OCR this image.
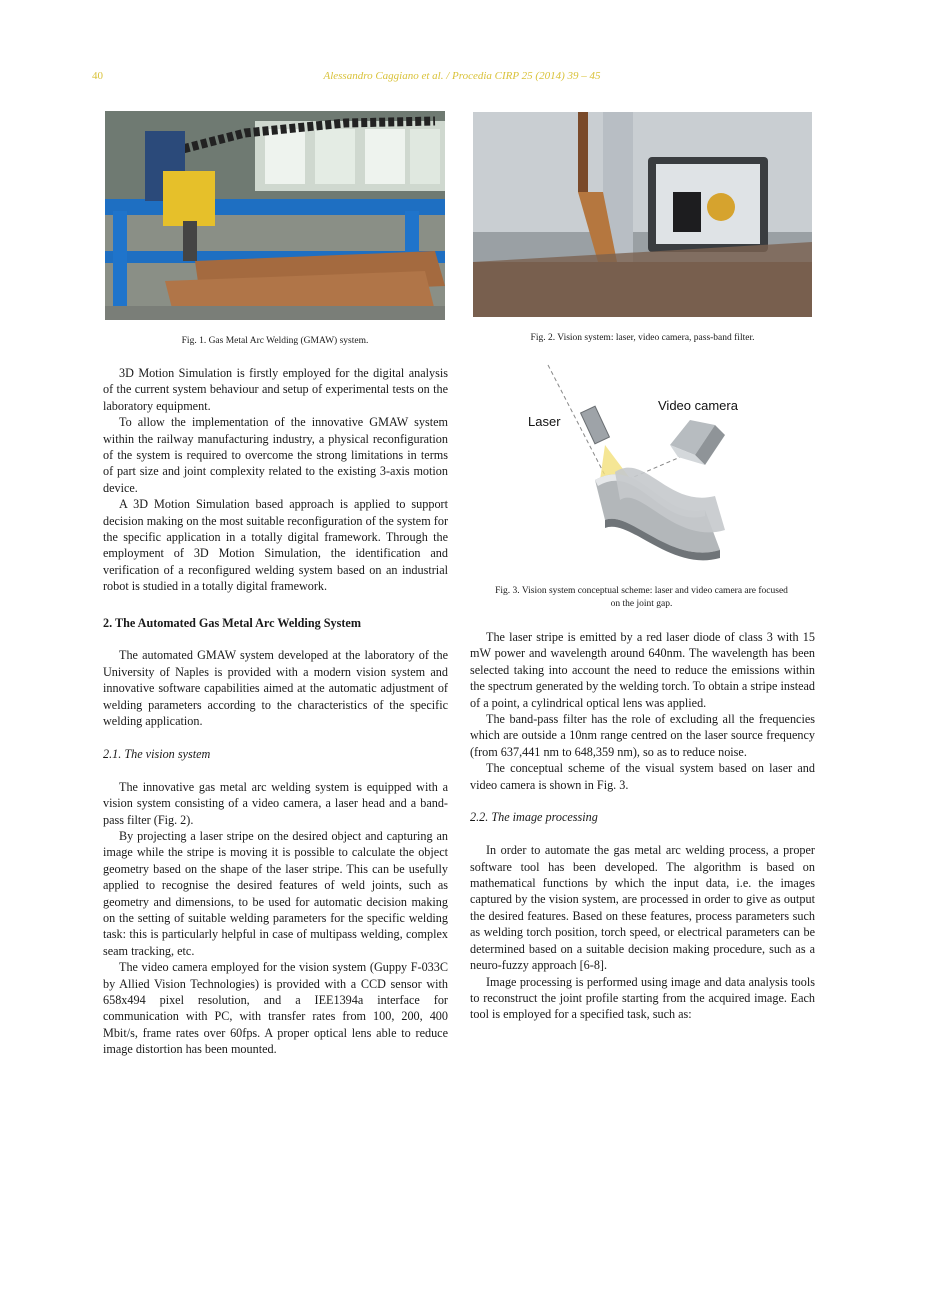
40	Alessandro Caggiano et al. / Procedia CIRP 25 (2014) 39 – 45
Fig. 1. Gas Metal Arc Welding (GMAW) system.	Fig. 2. Vision system: laser, video camera, pass-band filter.
Laser
Video camera
Fig. 3. Vision system conceptual scheme: laser and video camera are focused
on the joint gap.

3D Motion Simulation is firstly employed for the digital analysis of the current system behaviour and setup of experimental tests on the laboratory equipment.

To allow the implementation of the innovative GMAW system within the railway manufacturing industry, a physical reconfiguration of the system is required to overcome the strong limitations in terms of part size and joint complexity related to the existing 3-axis motion device.

A 3D Motion Simulation based approach is applied to support decision making on the most suitable reconfiguration of the system for the specific application in a totally digital framework. Through the employment of 3D Motion Simulation, the identification and verification of a reconfigured welding system based on an industrial robot is studied in a totally digital framework.

2. The Automated Gas Metal Arc Welding System

The automated GMAW system developed at the laboratory of the University of Naples is provided with a modern vision system and innovative software capabilities aimed at the automatic adjustment of welding parameters according to the characteristics of the specific welding application.

2.1. The vision system

The innovative gas metal arc welding system is equipped with a vision system consisting of a video camera, a laser head and a band-pass filter (Fig. 2).

By projecting a laser stripe on the desired object and capturing an image while the stripe is moving it is possible to calculate the object geometry based on the shape of the laser stripe. This can be usefully applied to recognise the desired features of weld joints, such as geometry and dimensions, to be used for automatic decision making on the setting of suitable welding parameters for the specific welding task: this is particularly helpful in case of multipass welding, complex seam tracking, etc.

The video camera employed for the vision system (Guppy F-033C by Allied Vision Technologies) is provided with a CCD sensor with 658x494 pixel resolution, and a IEE1394a interface for communication with PC, with transfer rates from 100, 200, 400 Mbit/s, frame rates over 60fps. A proper optical lens able to reduce image distortion has been mounted.

The laser stripe is emitted by a red laser diode of class 3 with 15 mW power and wavelength around 640nm. The wavelength has been selected taking into account the need to reduce the emissions within the spectrum generated by the welding torch. To obtain a stripe instead of a point, a cylindrical optical lens was applied.

The band-pass filter has the role of excluding all the frequencies which are outside a 10nm range centred on the laser source frequency (from 637,441 nm to 648,359 nm), so as to reduce noise.

The conceptual scheme of the visual system based on laser and video camera is shown in Fig. 3.

2.2. The image processing

In order to automate the gas metal arc welding process, a proper software tool has been developed. The algorithm is based on mathematical functions by which the input data, i.e. the images captured by the vision system, are processed in order to give as output the desired features. Based on these features, process parameters such as welding torch position, torch speed, or electrical parameters can be determined based on a suitable decision making procedure, such as a neuro-fuzzy approach [6-8].

Image processing is performed using image and data analysis tools to reconstruct the joint profile starting from the acquired image. Each tool is employed for a specified task, such as:
